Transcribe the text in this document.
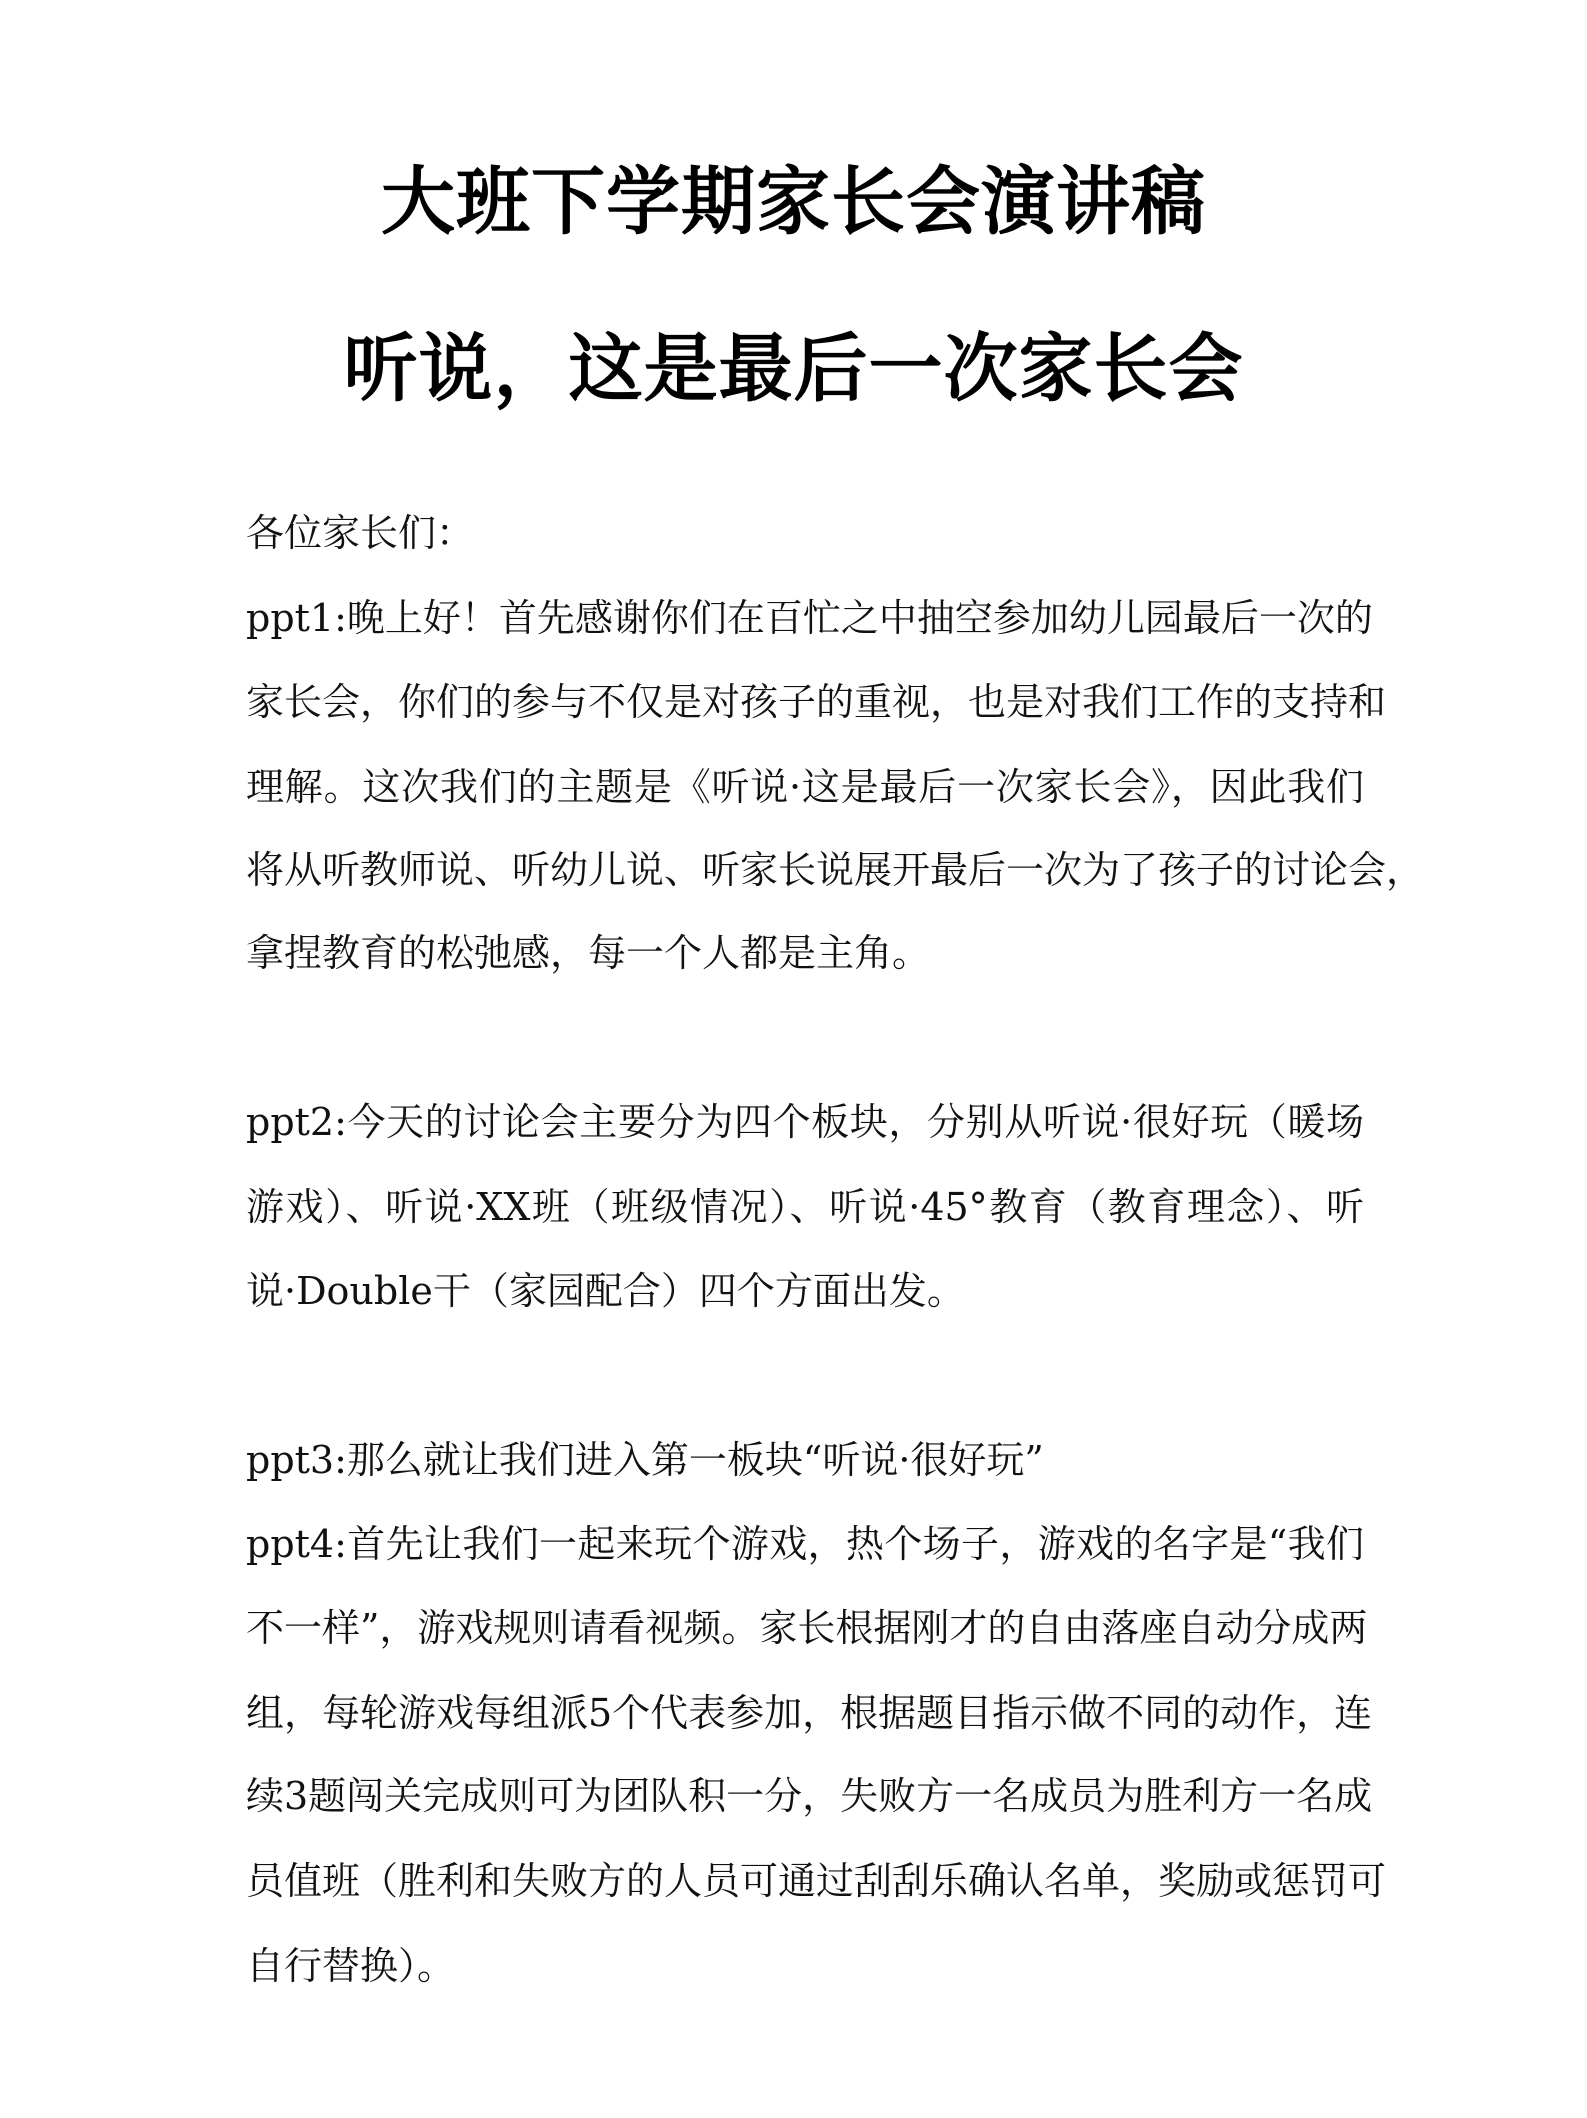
大班下学期家长会演讲稿
听说，这是最后一次家长会
各位家长们：
ppt1:晚上好！首先感谢你们在百忙之中抽空参加幼儿园最后一次的
家长会，你们的参与不仅是对孩子的重视，也是对我们工作的支持和
理解。这次我们的主题是《听说·这是最后一次家长会》，因此我们
将从听教师说、听幼儿说、听家长说展开最后一次为了孩子的讨论会，
拿捏教育的松弛感，每一个人都是主角。
ppt2:今天的讨论会主要分为四个板块，分别从听说·很好玩（暖场
游戏）、听说·XX班（班级情况）、听说·45°教育（教育理念）、听
说·Double干（家园配合）四个方面出发。
ppt3:那么就让我们进入第一板块“听说·很好玩”
ppt4:首先让我们一起来玩个游戏，热个场子，游戏的名字是“我们
不一样”，游戏规则请看视频。家长根据刚才的自由落座自动分成两
组，每轮游戏每组派5个代表参加，根据题目指示做不同的动作，连
续3题闯关完成则可为团队积一分，失败方一名成员为胜利方一名成
员值班（胜利和失败方的人员可通过刮刮乐确认名单，奖励或惩罚可
自行替换）。
